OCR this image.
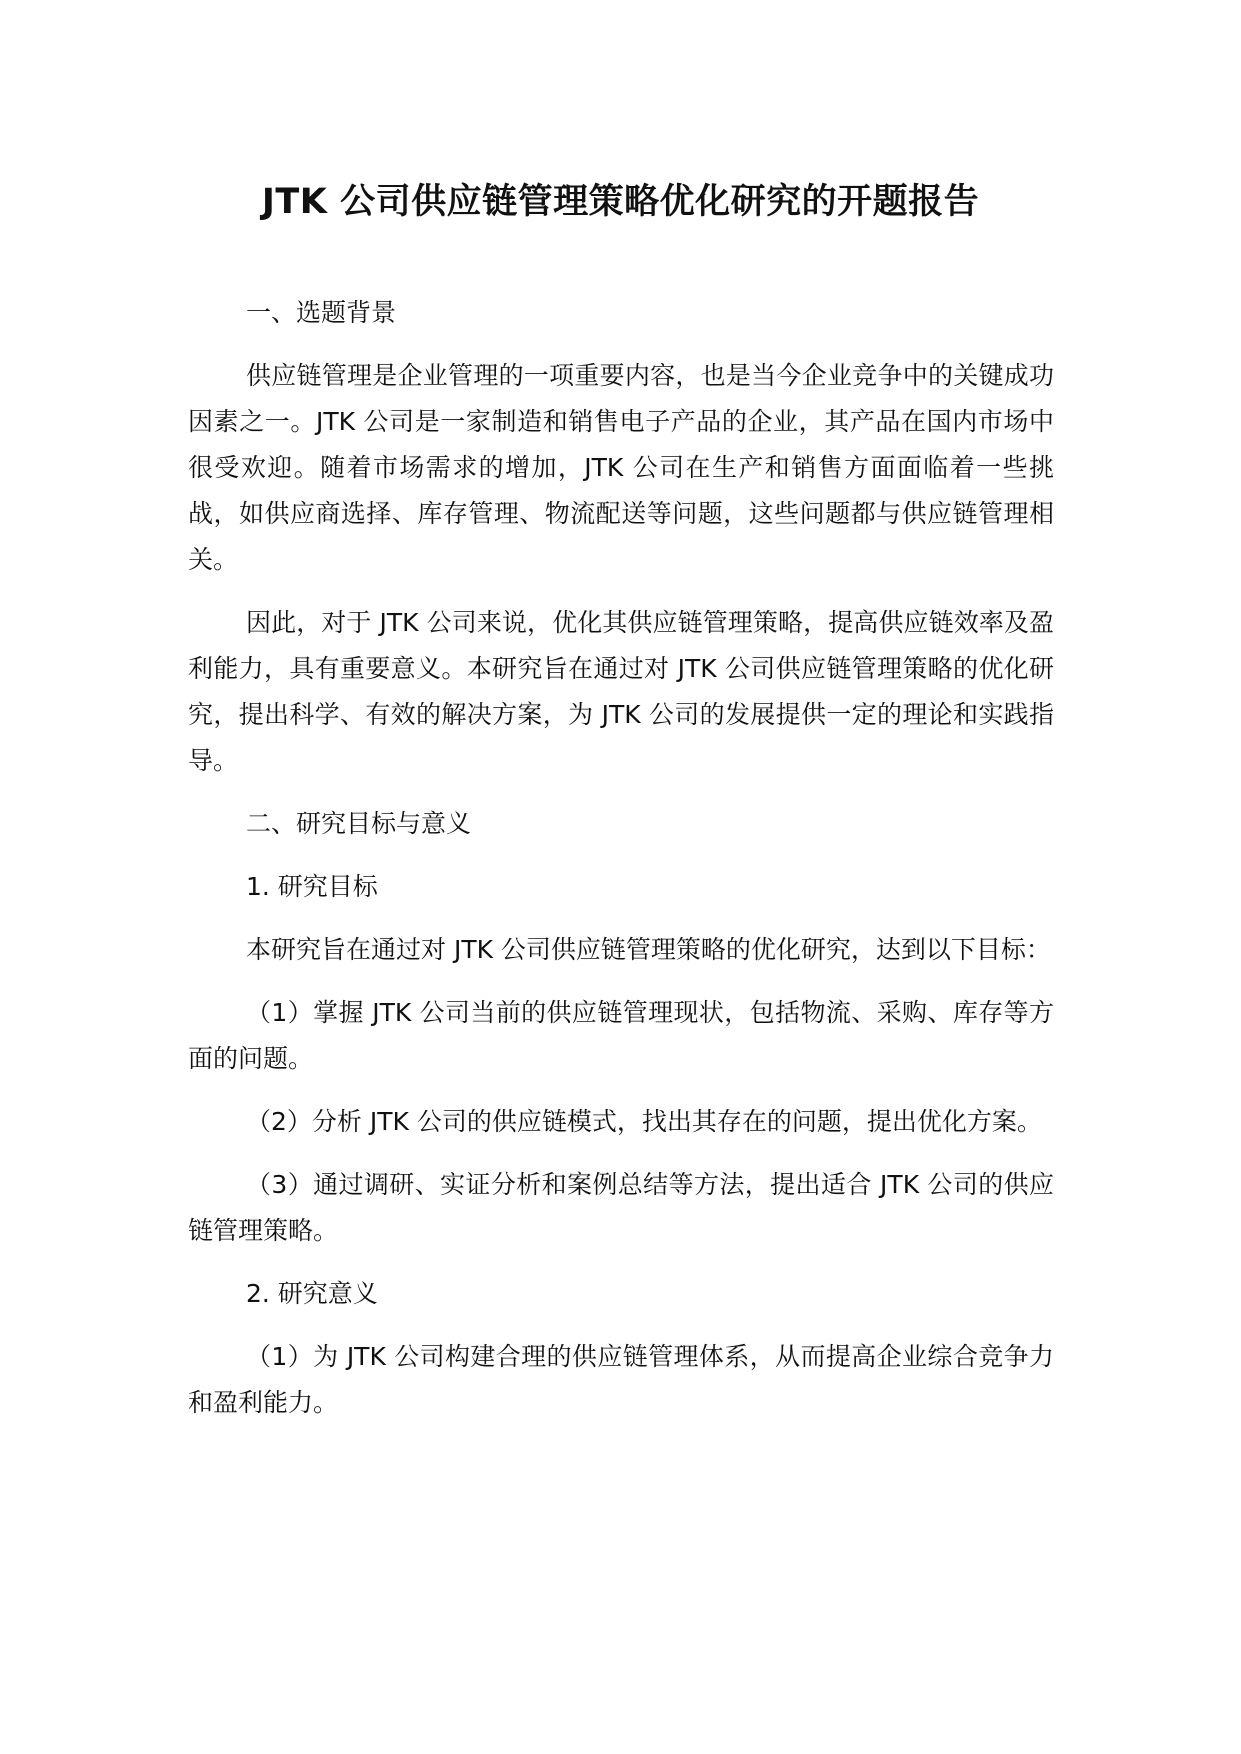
JTK 公司供应链管理策略优化研究的开题报告
一、选题背景

供应链管理是企业管理的一项重要内容，也是当今企业竞争中的关键成功因素之一。JTK 公司是一家制造和销售电子产品的企业，其产品在国内市场中很受欢迎。随着市场需求的增加，JTK 公司在生产和销售方面面临着一些挑战，如供应商选择、库存管理、物流配送等问题，这些问题都与供应链管理相关。

因此，对于 JTK 公司来说，优化其供应链管理策略，提高供应链效率及盈利能力，具有重要意义。本研究旨在通过对 JTK 公司供应链管理策略的优化研究，提出科学、有效的解决方案，为 JTK 公司的发展提供一定的理论和实践指导。

二、研究目标与意义
1. 研究目标

本研究旨在通过对 JTK 公司供应链管理策略的优化研究，达到以下目标：

（1）掌握 JTK 公司当前的供应链管理现状，包括物流、采购、库存等方面的问题。

（2）分析 JTK 公司的供应链模式，找出其存在的问题，提出优化方案。

（3）通过调研、实证分析和案例总结等方法，提出适合 JTK 公司的供应链管理策略。

2. 研究意义

（1）为 JTK 公司构建合理的供应链管理体系，从而提高企业综合竞争力和盈利能力。
